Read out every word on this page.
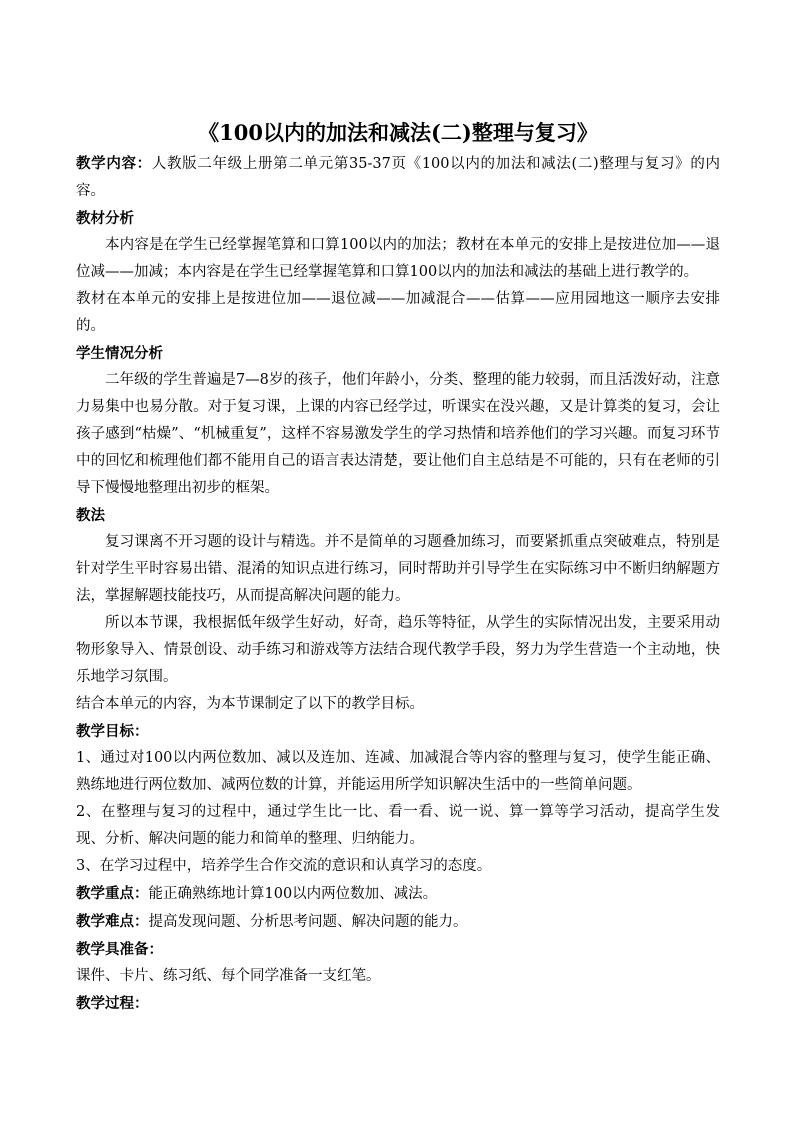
《100以内的加法和减法(二)整理与复习》

教学内容：人教版二年级上册第二单元第35-37页《100以内的加法和减法(二)整理与复习》的内容。

教材分析

本内容是在学生已经掌握笔算和口算100以内的加法；教材在本单元的安排上是按进位加——退位减——加减；本内容是在学生已经掌握笔算和口算100以内的加法和减法的基础上进行教学的。

教材在本单元的安排上是按进位加——退位减——加减混合——估算——应用园地这一顺序去安排的。

学生情况分析

二年级的学生普遍是7—8岁的孩子，他们年龄小，分类、整理的能力较弱，而且活泼好动，注意力易集中也易分散。对于复习课，上课的内容已经学过，听课实在没兴趣，又是计算类的复习，会让孩子感到“枯燥”、“机械重复”，这样不容易激发学生的学习热情和培养他们的学习兴趣。而复习环节中的回忆和梳理他们都不能用自己的语言表达清楚，要让他们自主总结是不可能的，只有在老师的引导下慢慢地整理出初步的框架。

教法

复习课离不开习题的设计与精选。并不是简单的习题叠加练习，而要紧抓重点突破难点，特别是针对学生平时容易出错、混淆的知识点进行练习，同时帮助并引导学生在实际练习中不断归纳解题方法，掌握解题技能技巧，从而提高解决问题的能力。

所以本节课，我根据低年级学生好动，好奇，趋乐等特征，从学生的实际情况出发，主要采用动物形象导入、情景创设、动手练习和游戏等方法结合现代教学手段，努力为学生营造一个主动地，快乐地学习氛围。

结合本单元的内容，为本节课制定了以下的教学目标。

教学目标：

1、通过对100以内两位数加、减以及连加、连减、加减混合等内容的整理与复习，使学生能正确、熟练地进行两位数加、减两位数的计算，并能运用所学知识解决生活中的一些简单问题。

2、在整理与复习的过程中，通过学生比一比、看一看、说一说、算一算等学习活动，提高学生发现、分析、解决问题的能力和简单的整理、归纳能力。

3、在学习过程中，培养学生合作交流的意识和认真学习的态度。

教学重点：能正确熟练地计算100以内两位数加、减法。

教学难点：提高发现问题、分析思考问题、解决问题的能力。

教学具准备：

课件、卡片、练习纸、每个同学准备一支红笔。

教学过程：
